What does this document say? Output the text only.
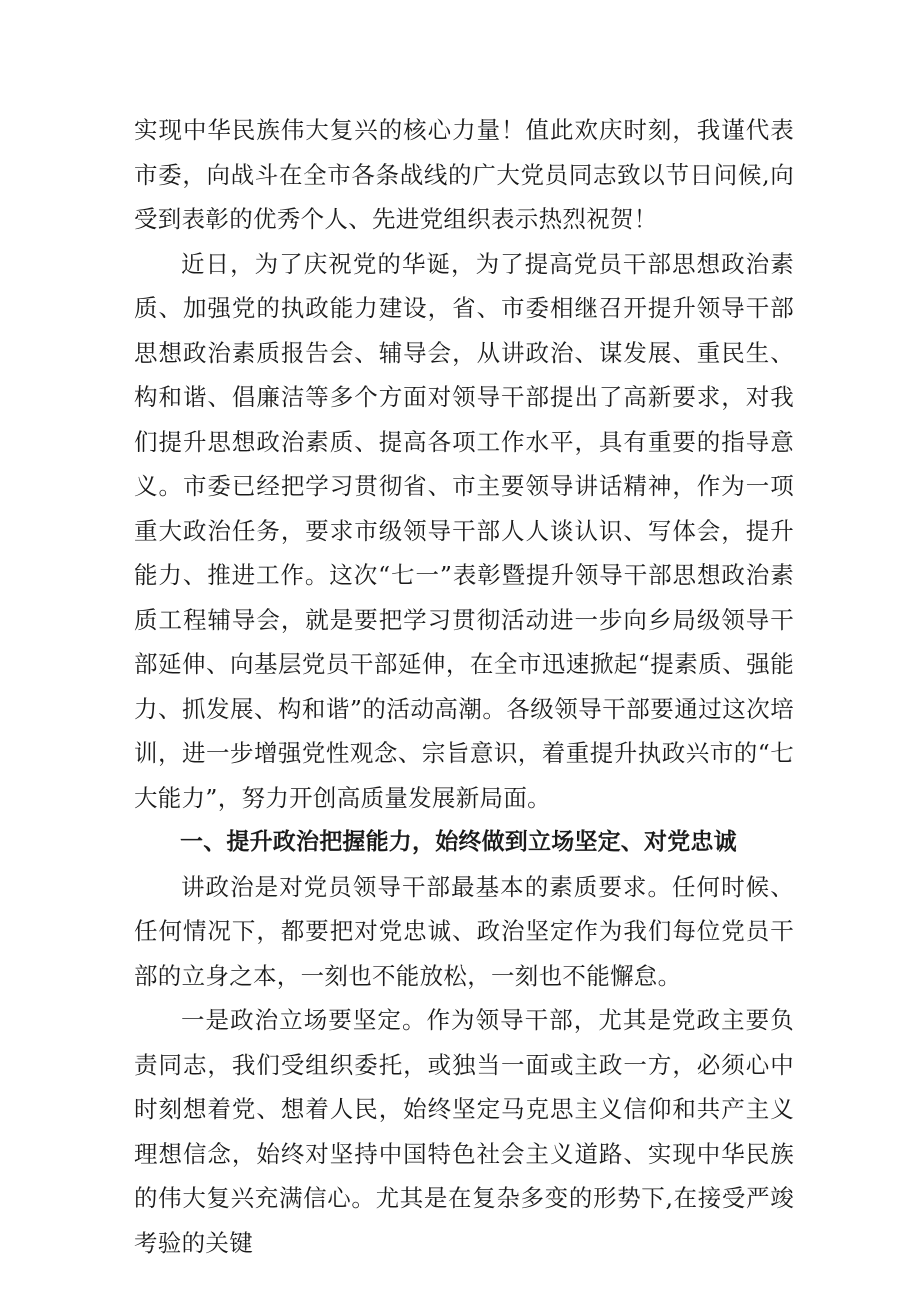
实现中华民族伟大复兴的核心力量！值此欢庆时刻，我谨代表市委，向战斗在全市各条战线的广大党员同志致以节日问候,向受到表彰的优秀个人、先进党组织表示热烈祝贺！

近日，为了庆祝党的华诞，为了提高党员干部思想政治素质、加强党的执政能力建设，省、市委相继召开提升领导干部思想政治素质报告会、辅导会，从讲政治、谋发展、重民生、构和谐、倡廉洁等多个方面对领导干部提出了高新要求，对我们提升思想政治素质、提高各项工作水平，具有重要的指导意义。市委已经把学习贯彻省、市主要领导讲话精神，作为一项重大政治任务，要求市级领导干部人人谈认识、写体会，提升能力、推进工作。这次“七一”表彰暨提升领导干部思想政治素质工程辅导会，就是要把学习贯彻活动进一步向乡局级领导干部延伸、向基层党员干部延伸，在全市迅速掀起“提素质、强能力、抓发展、构和谐”的活动高潮。各级领导干部要通过这次培训，进一步增强党性观念、宗旨意识，着重提升执政兴市的“七大能力”，努力开创高质量发展新局面。

一、提升政治把握能力，始终做到立场坚定、对党忠诚

讲政治是对党员领导干部最基本的素质要求。任何时候、任何情况下，都要把对党忠诚、政治坚定作为我们每位党员干部的立身之本，一刻也不能放松，一刻也不能懈怠。

一是政治立场要坚定。作为领导干部，尤其是党政主要负责同志，我们受组织委托，或独当一面或主政一方，必须心中时刻想着党、想着人民，始终坚定马克思主义信仰和共产主义理想信念，始终对坚持中国特色社会主义道路、实现中华民族的伟大复兴充满信心。尤其是在复杂多变的形势下,在接受严竣考验的关键
